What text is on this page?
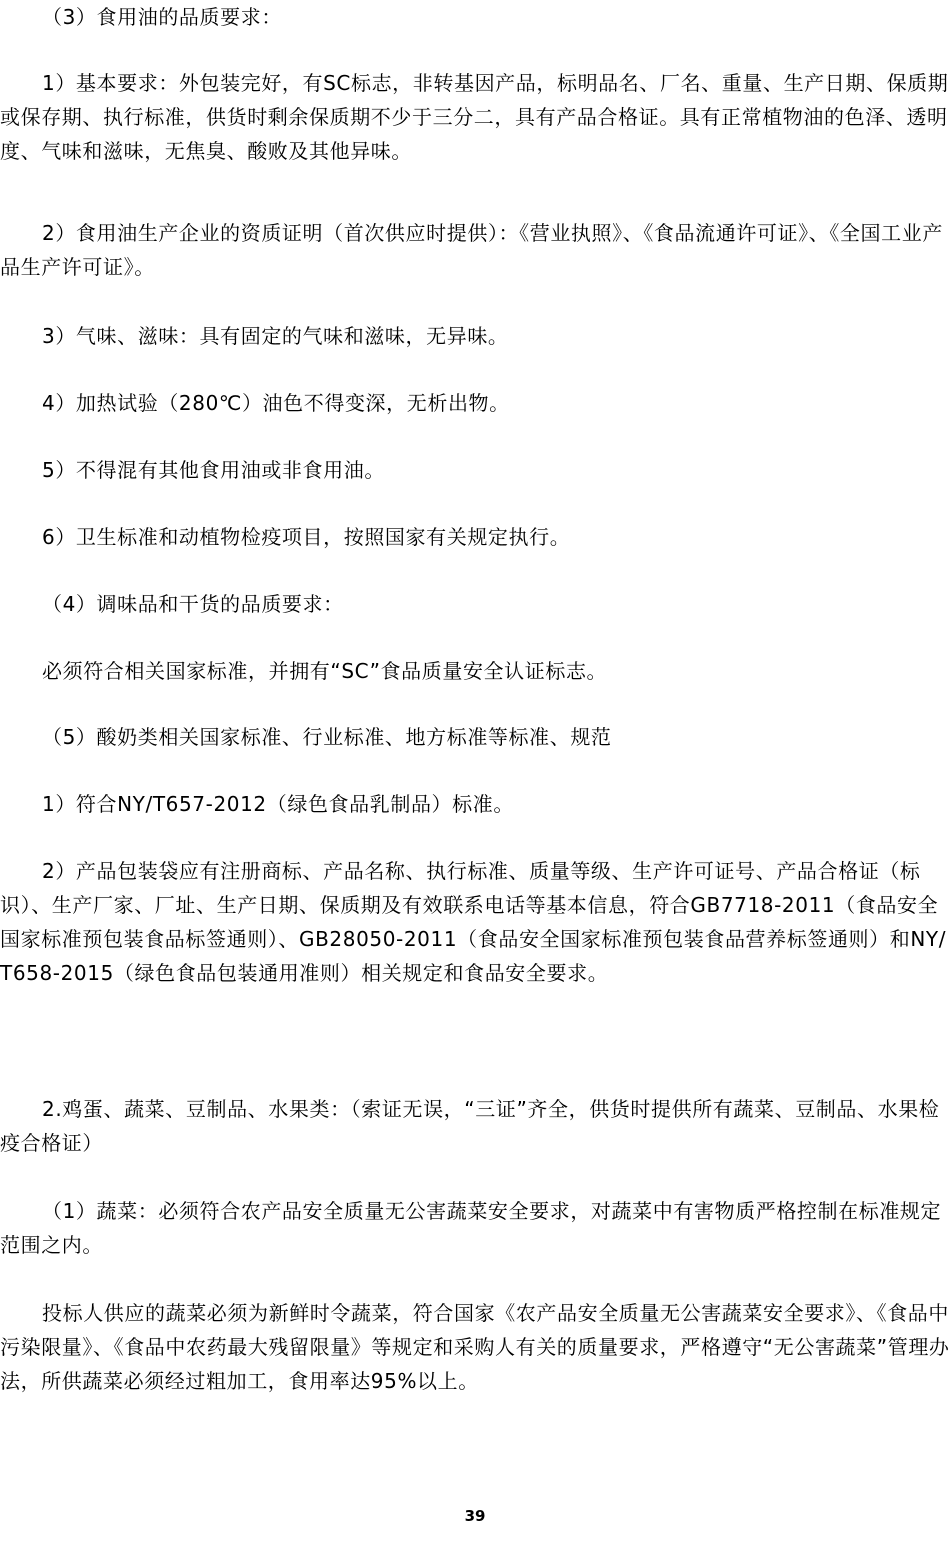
（3）食用油的品质要求：

1）基本要求：外包装完好，有SC标志，非转基因产品，标明品名、厂名、重量、生产日期、保质期或保存期、执行标准，供货时剩余保质期不少于三分二，具有产品合格证。具有正常植物油的色泽、透明度、气味和滋味，无焦臭、酸败及其他异味。

2）食用油生产企业的资质证明（首次供应时提供）：《营业执照》、《食品流通许可证》、《全国工业产品生产许可证》。

3）气味、滋味：具有固定的气味和滋味，无异味。

4）加热试验（280℃）油色不得变深，无析出物。

5）不得混有其他食用油或非食用油。

6）卫生标准和动植物检疫项目，按照国家有关规定执行。

（4）调味品和干货的品质要求：

必须符合相关国家标准，并拥有“SC”食品质量安全认证标志。

（5）酸奶类相关国家标准、行业标准、地方标准等标准、规范

1）符合NY/T657-2012（绿色食品乳制品）标准。

2）产品包装袋应有注册商标、产品名称、执行标准、质量等级、生产许可证号、产品合格证（标识）、生产厂家、厂址、生产日期、保质期及有效联系电话等基本信息，符合GB7718-2011（食品安全国家标准预包装食品标签通则）、GB28050-2011（食品安全国家标准预包装食品营养标签通则）和NY/T658-2015（绿色食品包装通用准则）相关规定和食品安全要求。

2.鸡蛋、蔬菜、豆制品、水果类：（索证无误，“三证”齐全，供货时提供所有蔬菜、豆制品、水果检疫合格证）

（1）蔬菜：必须符合农产品安全质量无公害蔬菜安全要求，对蔬菜中有害物质严格控制在标准规定范围之内。

投标人供应的蔬菜必须为新鲜时令蔬菜，符合国家《农产品安全质量无公害蔬菜安全要求》、《食品中污染限量》、《食品中农药最大残留限量》等规定和采购人有关的质量要求，严格遵守“无公害蔬菜”管理办法，所供蔬菜必须经过粗加工，食用率达95%以上。

39
